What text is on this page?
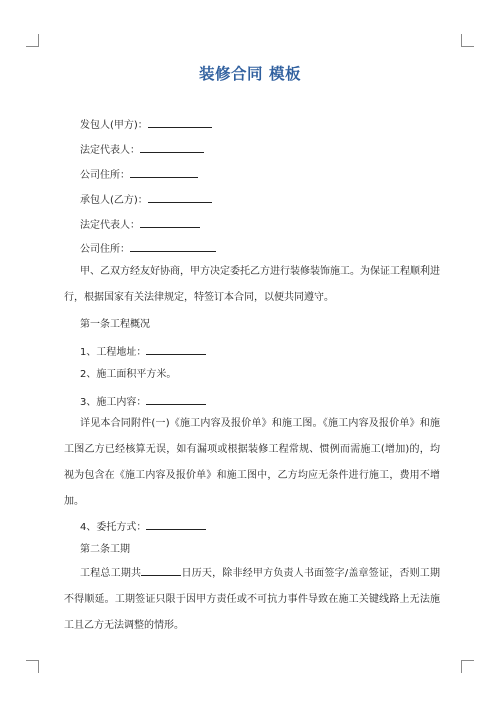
装修合同 模板
发包人(甲方)：
法定代表人：
公司住所：
承包人(乙方)：
法定代表人：
公司住所：
甲、乙双方经友好协商，甲方决定委托乙方进行装修装饰施工。为保证工程顺利进行，根据国家有关法律规定，特签订本合同，以便共同遵守。
第一条工程概况
1、工程地址：
2、施工面积平方米。
3、施工内容：
详见本合同附件(一)《施工内容及报价单》和施工图。《施工内容及报价单》和施工图乙方已经核算无误，如有漏项或根据装修工程常规、惯例而需施工(增加)的，均视为包含在《施工内容及报价单》和施工图中，乙方均应无条件进行施工，费用不增加。
4、委托方式：
第二条工期
工程总工期共	日历天，除非经甲方负责人书面签字/盖章签证，否则工期不得顺延。工期签证只限于因甲方责任或不可抗力事件导致在施工关键线路上无法施工且乙方无法调整的情形。
